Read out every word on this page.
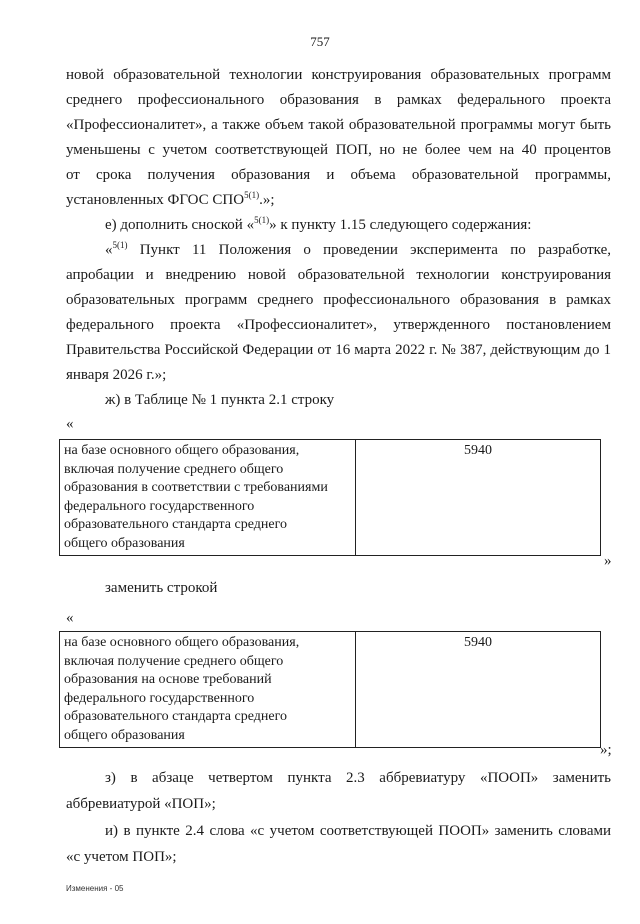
757
новой образовательной технологии конструирования образовательных программ
среднего профессионального образования в рамках федерального проекта
«Профессионалитет», а также объем такой образовательной программы могут быть
уменьшены с учетом соответствующей ПОП, но не более чем на 40 процентов
от срока получения образования и объема образовательной программы,
установленных ФГОС $СПО^{5(1)}$.»;
е) дополнить сноской «$^{5(1)}$» к пункту 1.15 следующего содержания:
«$^{5(1)}$ Пункт 11 Положения о проведении эксперимента по разработке,
апробации и внедрению новой образовательной технологии конструирования
образовательных программ среднего профессионального образования в рамках
федерального проекта «Профессионалитет», утвержденного постановлением
Правительства Российской Федерации от 16 марта 2022 г. № 387, действующим до 1
января 2026 г.»;
ж) в Таблице № 1 пункта 2.1 строку
«
на базе основного общего образования,
включая получение среднего общего
образования в соответствии с требованиями
федерального государственного
образовательного стандарта среднего
общего образования
	5940
»
заменить строкой
«
на базе основного общего образования,
включая получение среднего общего
образования на основе требований
федерального государственного
образовательного стандарта среднего
общего образования
	5940
»;
з) в абзаце четвертом пункта 2.3 аббревиатуру «ПООП» заменить
аббревиатурой «ПОП»;
и) в пункте 2.4 слова «с учетом соответствующей ПООП» заменить словами
«с учетом ПОП»;
Изменения - 05
